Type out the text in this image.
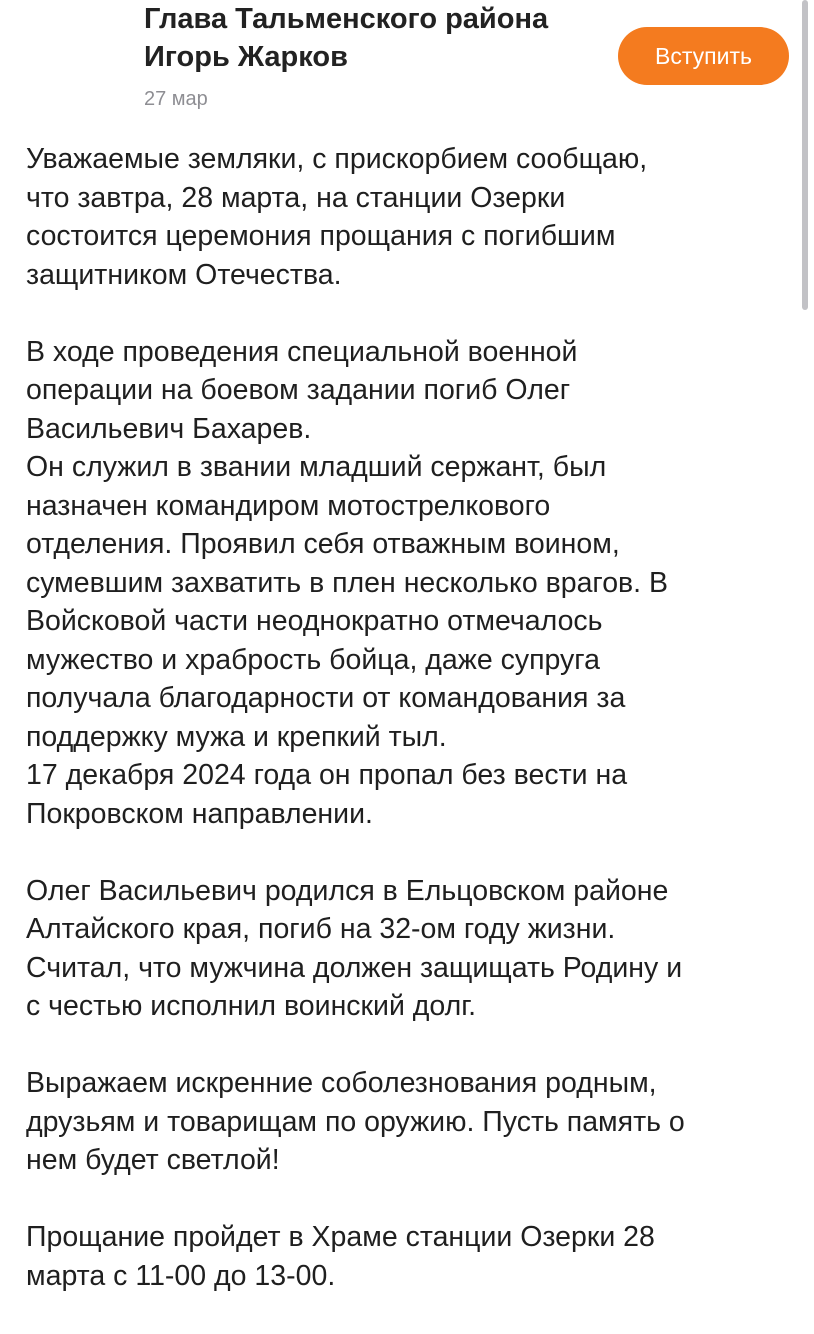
Глава Тальменского района
Игорь Жарков
27 мар
Вступить

Уважаемые земляки, с прискорбием сообщаю,
что завтра, 28 марта, на станции Озерки
состоится церемония прощания с погибшим
защитником Отечества.

В ходе проведения специальной военной
операции на боевом задании погиб Олег
Васильевич Бахарев.
Он служил в звании младший сержант, был
назначен командиром мотострелкового
отделения. Проявил себя отважным воином,
сумевшим захватить в плен несколько врагов. В
Войсковой части неоднократно отмечалось
мужество и храбрость бойца, даже супруга
получала благодарности от командования за
поддержку мужа и крепкий тыл.
17 декабря 2024 года он пропал без вести на
Покровском направлении.

Олег Васильевич родился в Ельцовском районе
Алтайского края, погиб на 32-ом году жизни.
Считал, что мужчина должен защищать Родину и
с честью исполнил воинский долг.

Выражаем искренние соболезнования родным,
друзьям и товарищам по оружию. Пусть память о
нем будет светлой!

Прощание пройдет в Храме станции Озерки 28
марта с 11-00 до 13-00.
